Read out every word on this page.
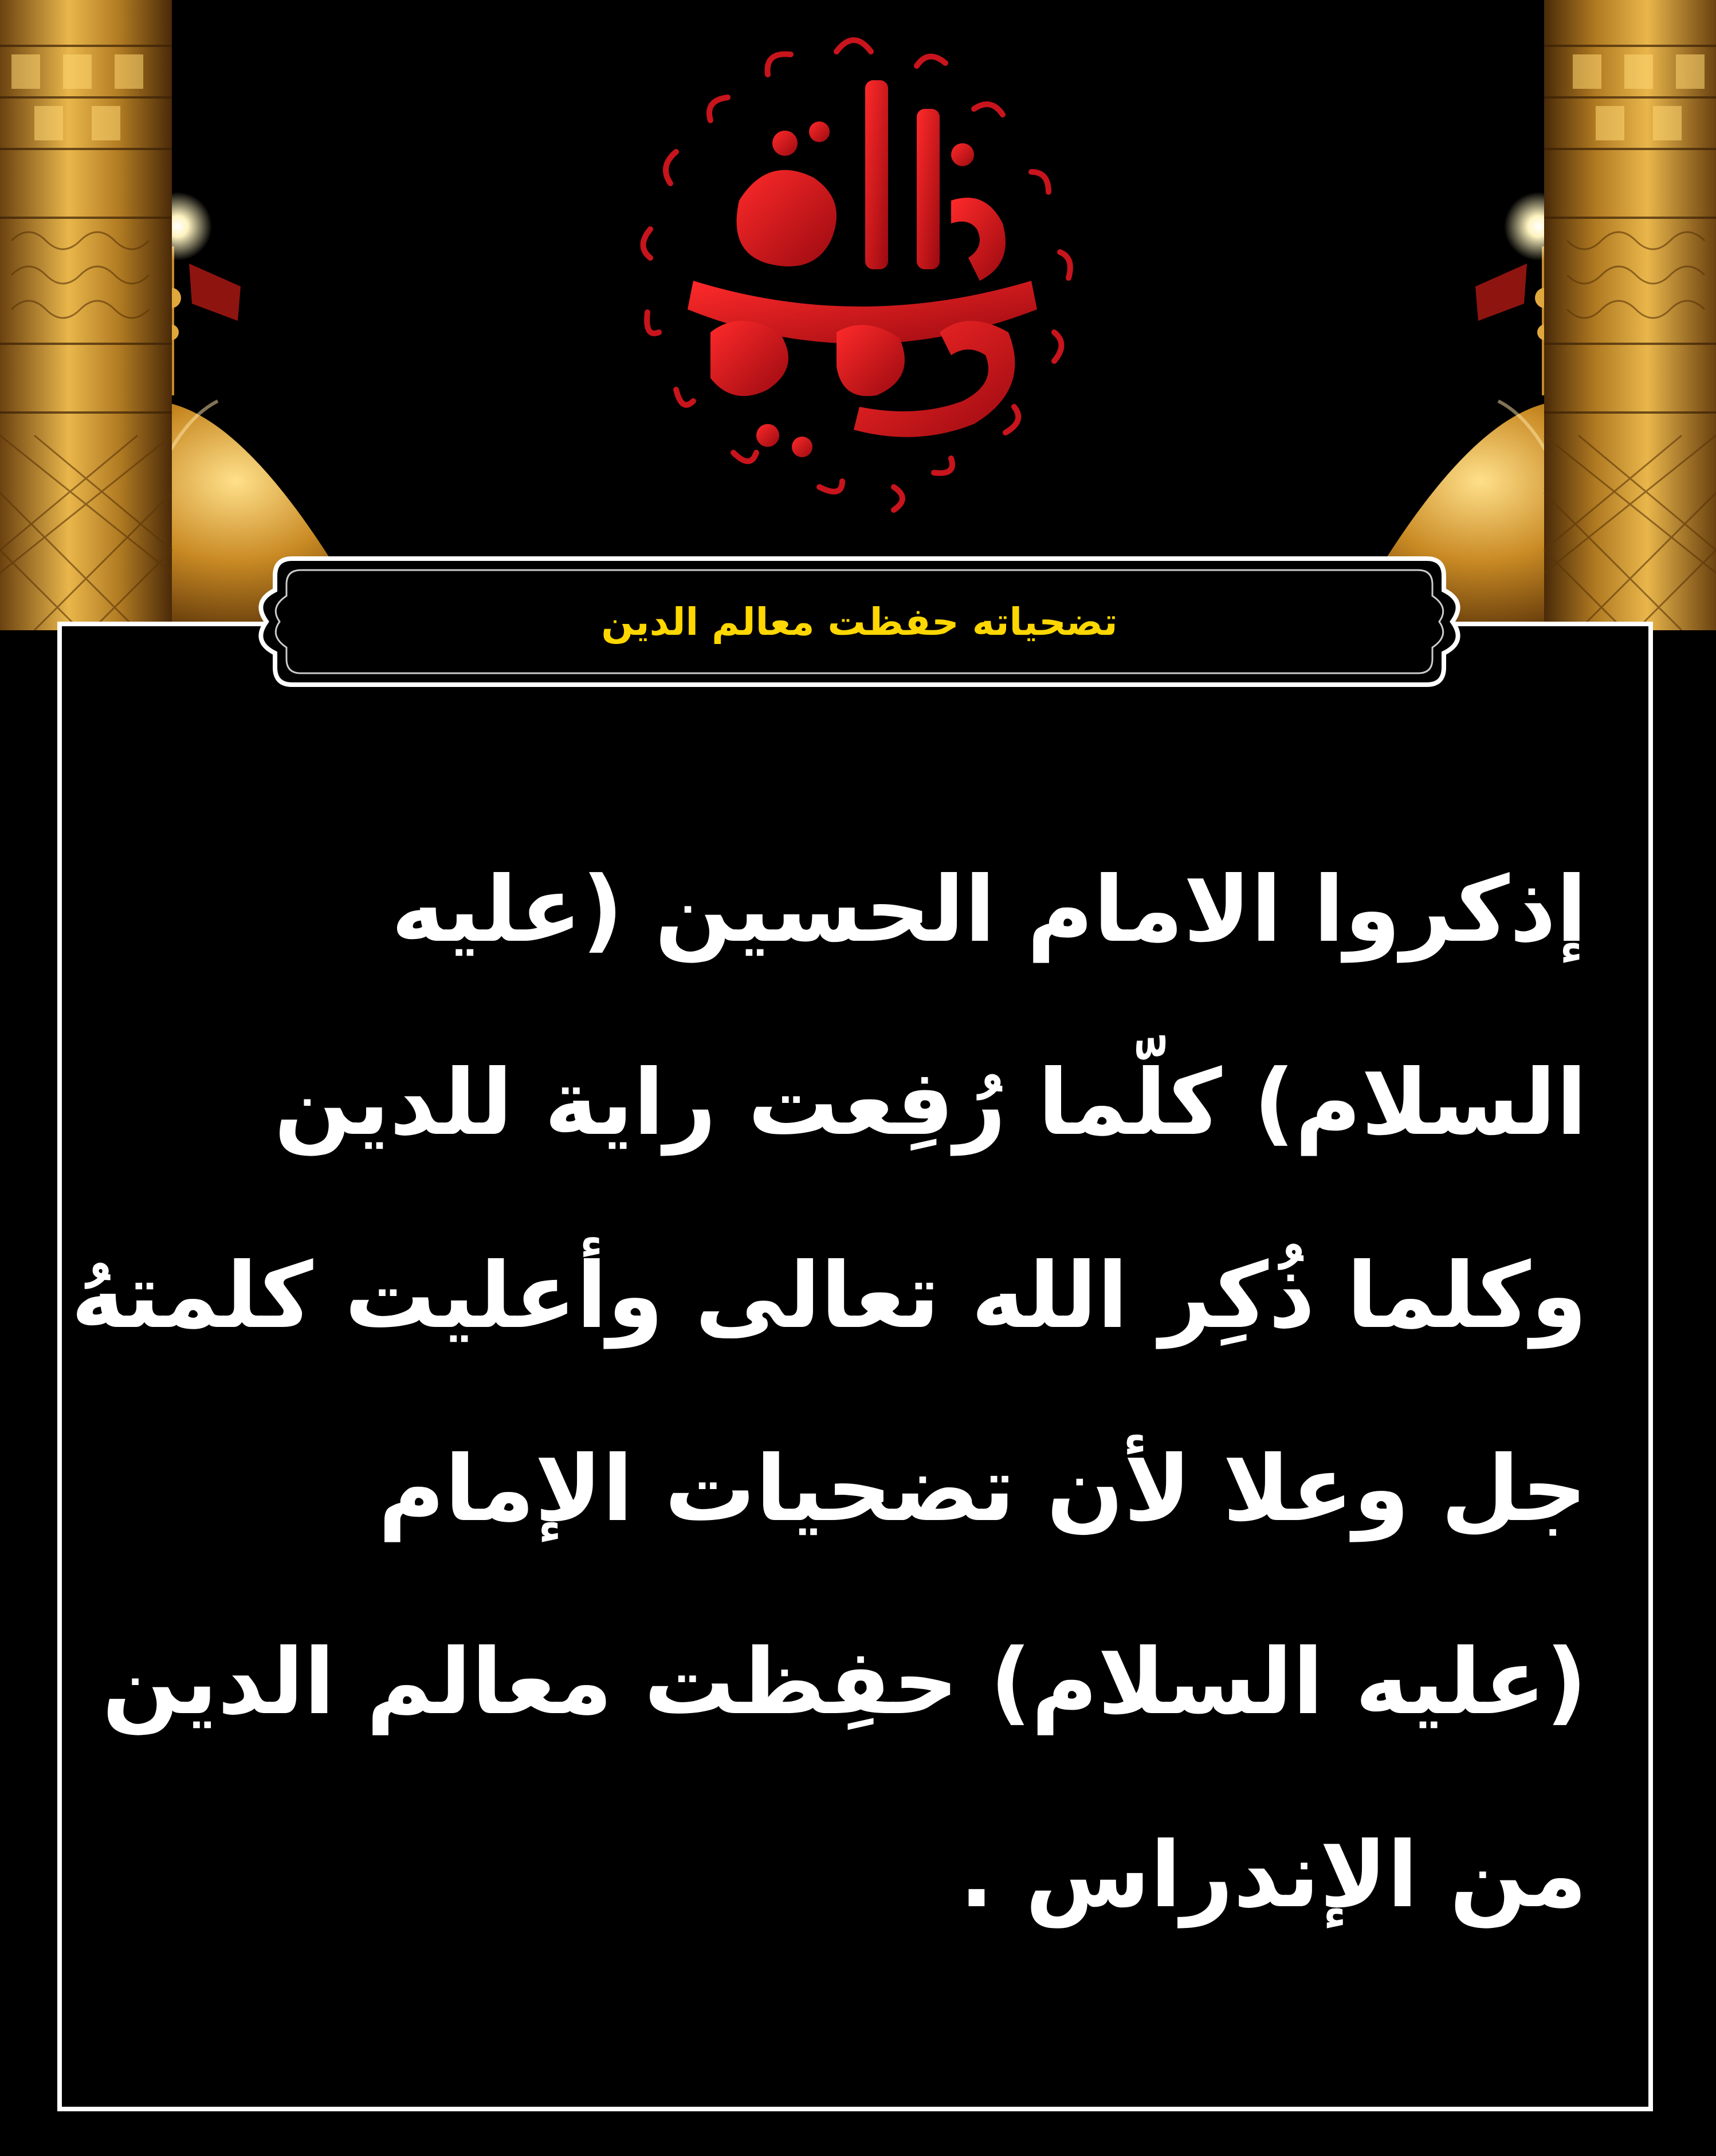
تضحياته حفظت معالم الدين
إذكروا الامام الحسين (عليه
السلام) كلّما رُفِعت راية للدين
وكلما ذُكِر الله تعالى وأعليت كلمتهُ
جل وعلا لأن تضحيات الإمام
(عليه السلام) حفِظت معالم الدين
من الإندراس .
